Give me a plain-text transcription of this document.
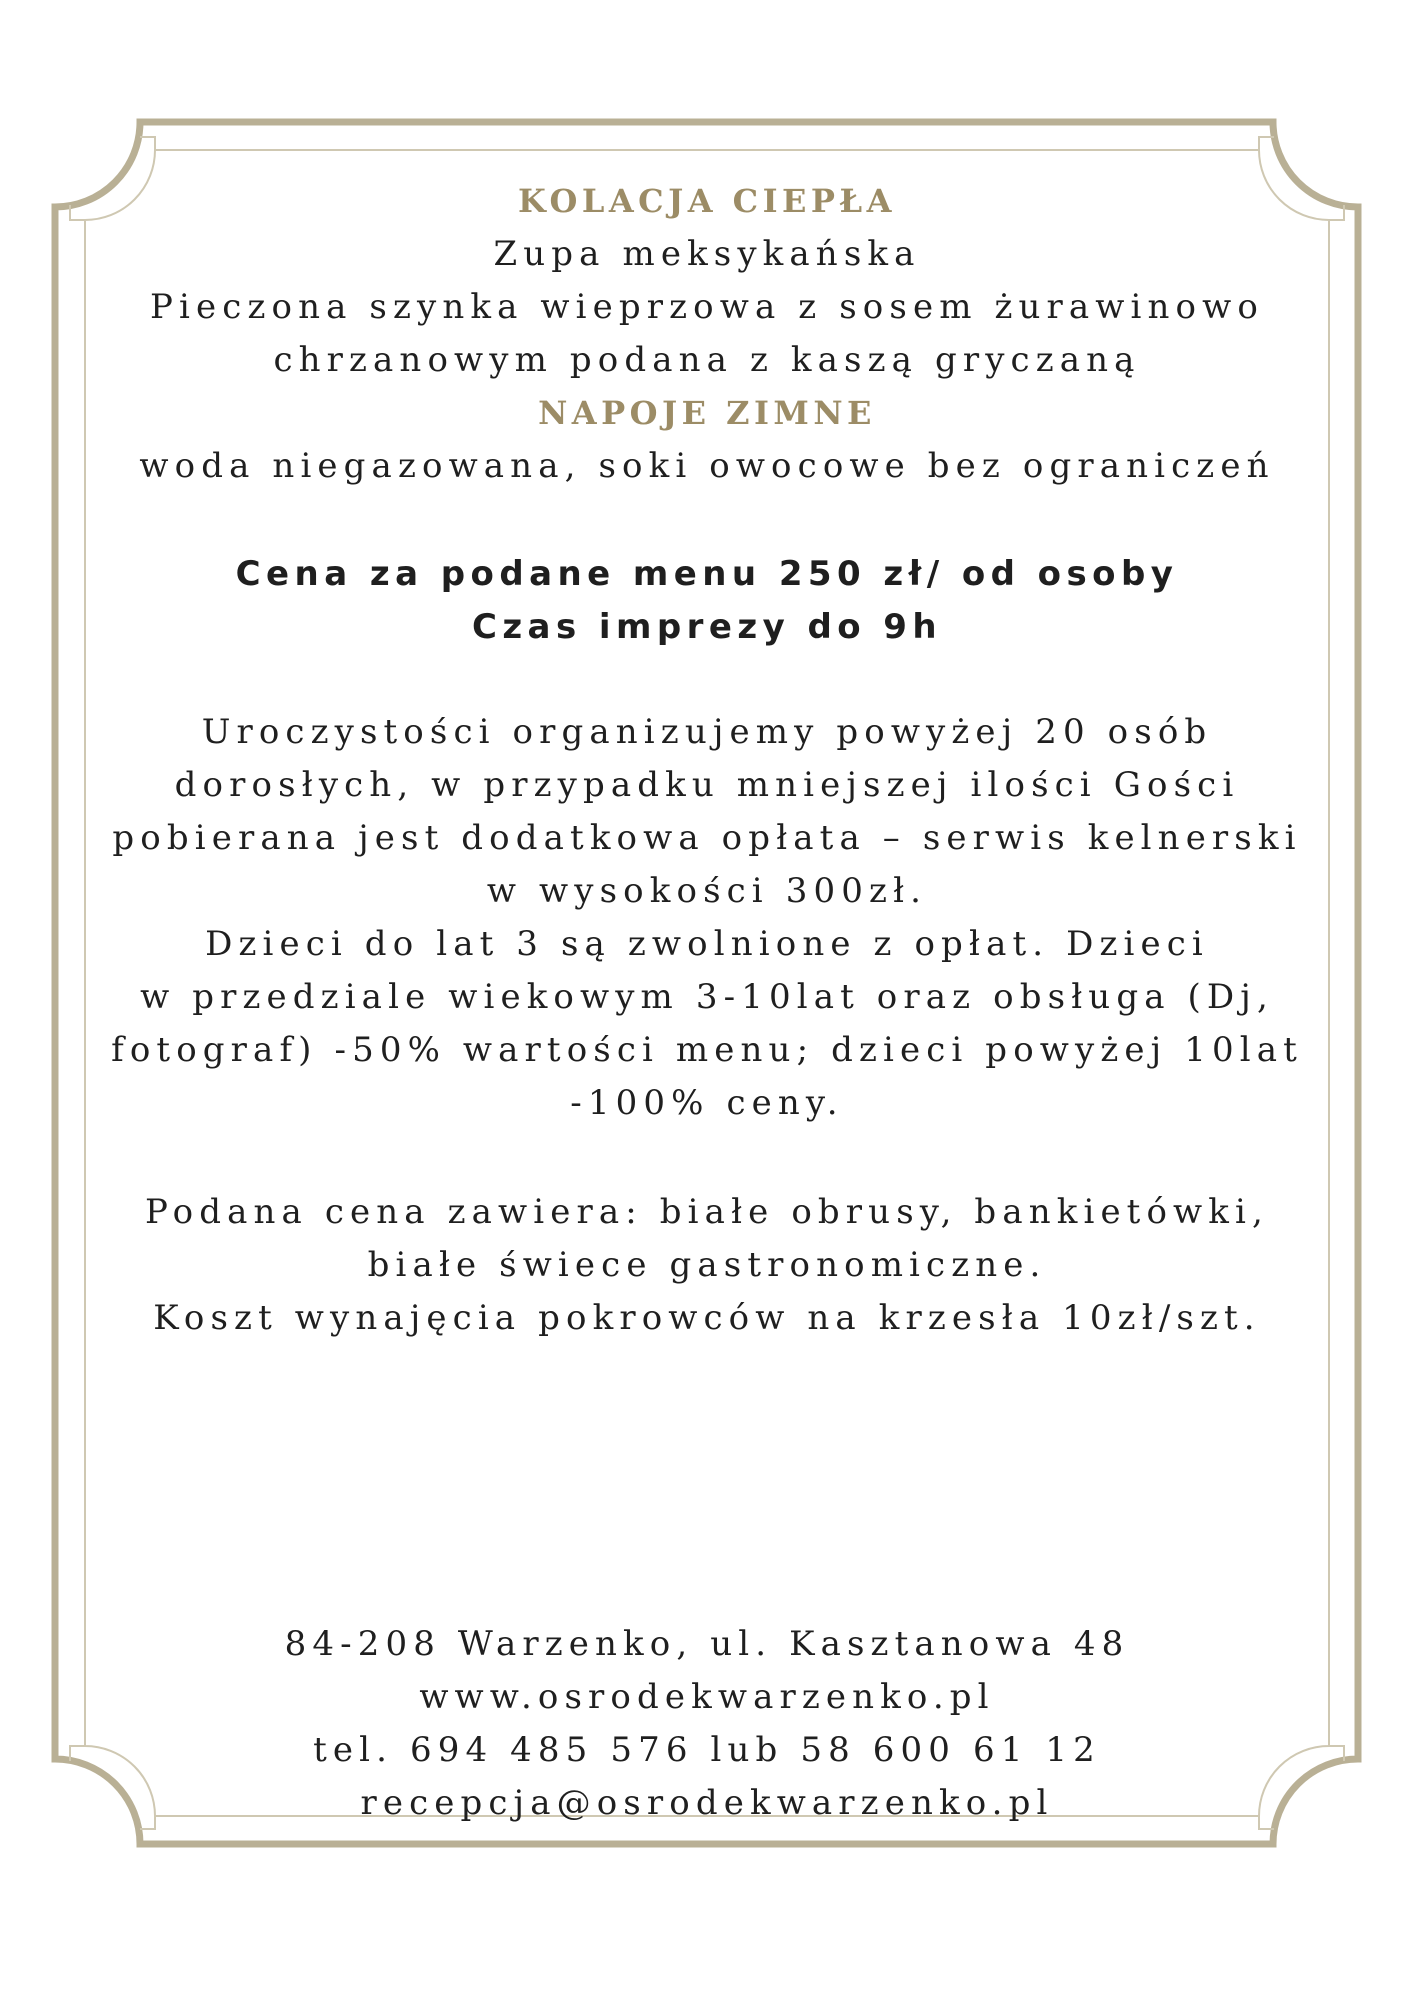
KOLACJA CIEPŁA
Zupa meksykańska
Pieczona szynka wieprzowa z sosem żurawinowo
chrzanowym podana z kaszą gryczaną
NAPOJE ZIMNE
woda niegazowana, soki owocowe bez ograniczeń
Cena za podane menu 250 zł/ od osoby
Czas imprezy do 9h
Uroczystości organizujemy powyżej 20 osób
dorosłych, w przypadku mniejszej ilości Gości
pobierana jest dodatkowa opłata – serwis kelnerski
w wysokości 300zł.
Dzieci do lat 3 są zwolnione z opłat. Dzieci
w przedziale wiekowym 3-10lat oraz obsługa (Dj,
fotograf) -50% wartości menu; dzieci powyżej 10lat
-100% ceny.
Podana cena zawiera: białe obrusy, bankietówki,
białe świece gastronomiczne.
Koszt wynajęcia pokrowców na krzesła 10zł/szt.
84-208 Warzenko, ul. Kasztanowa 48
www.osrodekwarzenko.pl
tel. 694 485 576 lub 58 600 61 12
recepcja@osrodekwarzenko.pl
